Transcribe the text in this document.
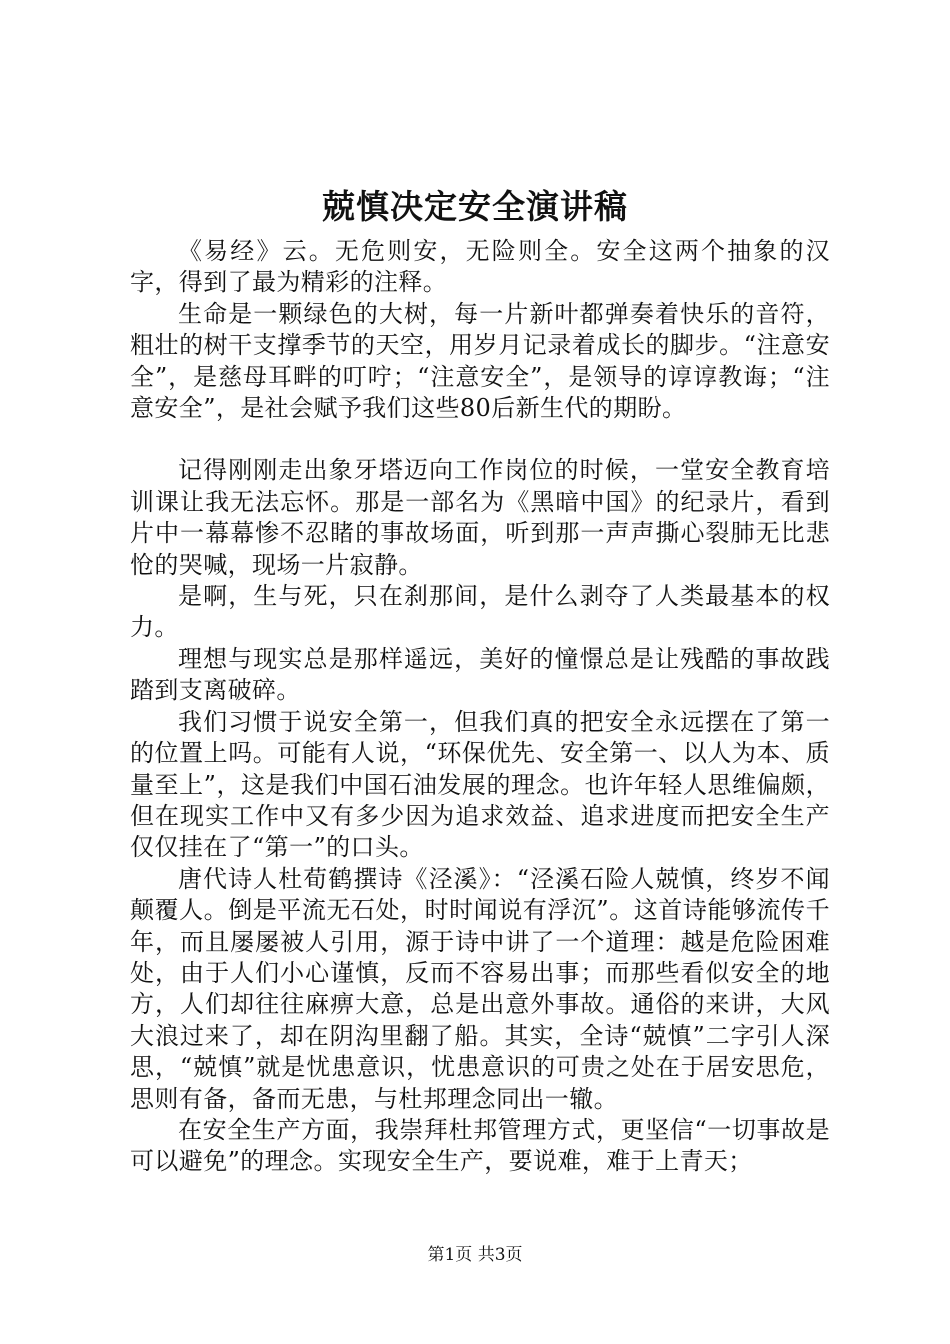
兢慎决定安全演讲稿

《易经》云。无危则安，无险则全。安全这两个抽象的汉字，得到了最为精彩的注释。

生命是一颗绿色的大树，每一片新叶都弹奏着快乐的音符，粗壮的树干支撑季节的天空，用岁月记录着成长的脚步。“注意安全”，是慈母耳畔的叮咛；“注意安全”，是领导的谆谆教诲；“注意安全”，是社会赋予我们这些80后新生代的期盼。

记得刚刚走出象牙塔迈向工作岗位的时候，一堂安全教育培训课让我无法忘怀。那是一部名为《黑暗中国》的纪录片，看到片中一幕幕惨不忍睹的事故场面，听到那一声声撕心裂肺无比悲怆的哭喊，现场一片寂静。

是啊，生与死，只在刹那间，是什么剥夺了人类最基本的权力。

理想与现实总是那样遥远，美好的憧憬总是让残酷的事故践踏到支离破碎。

我们习惯于说安全第一，但我们真的把安全永远摆在了第一的位置上吗。可能有人说，“环保优先、安全第一、以人为本、质量至上”，这是我们中国石油发展的理念。也许年轻人思维偏颇，但在现实工作中又有多少因为追求效益、追求进度而把安全生产仅仅挂在了“第一”的口头。

唐代诗人杜荀鹤撰诗《泾溪》：“泾溪石险人兢慎，终岁不闻颠覆人。倒是平流无石处，时时闻说有浮沉”。这首诗能够流传千年，而且屡屡被人引用，源于诗中讲了一个道理：越是危险困难处，由于人们小心谨慎，反而不容易出事；而那些看似安全的地方，人们却往往麻痹大意，总是出意外事故。通俗的来讲，大风大浪过来了，却在阴沟里翻了船。其实，全诗“兢慎”二字引人深思，“兢慎”就是忧患意识，忧患意识的可贵之处在于居安思危，思则有备，备而无患，与杜邦理念同出一辙。

在安全生产方面，我崇拜杜邦管理方式，更坚信“一切事故是可以避免”的理念。实现安全生产，要说难，难于上青天；

第1页 共3页
